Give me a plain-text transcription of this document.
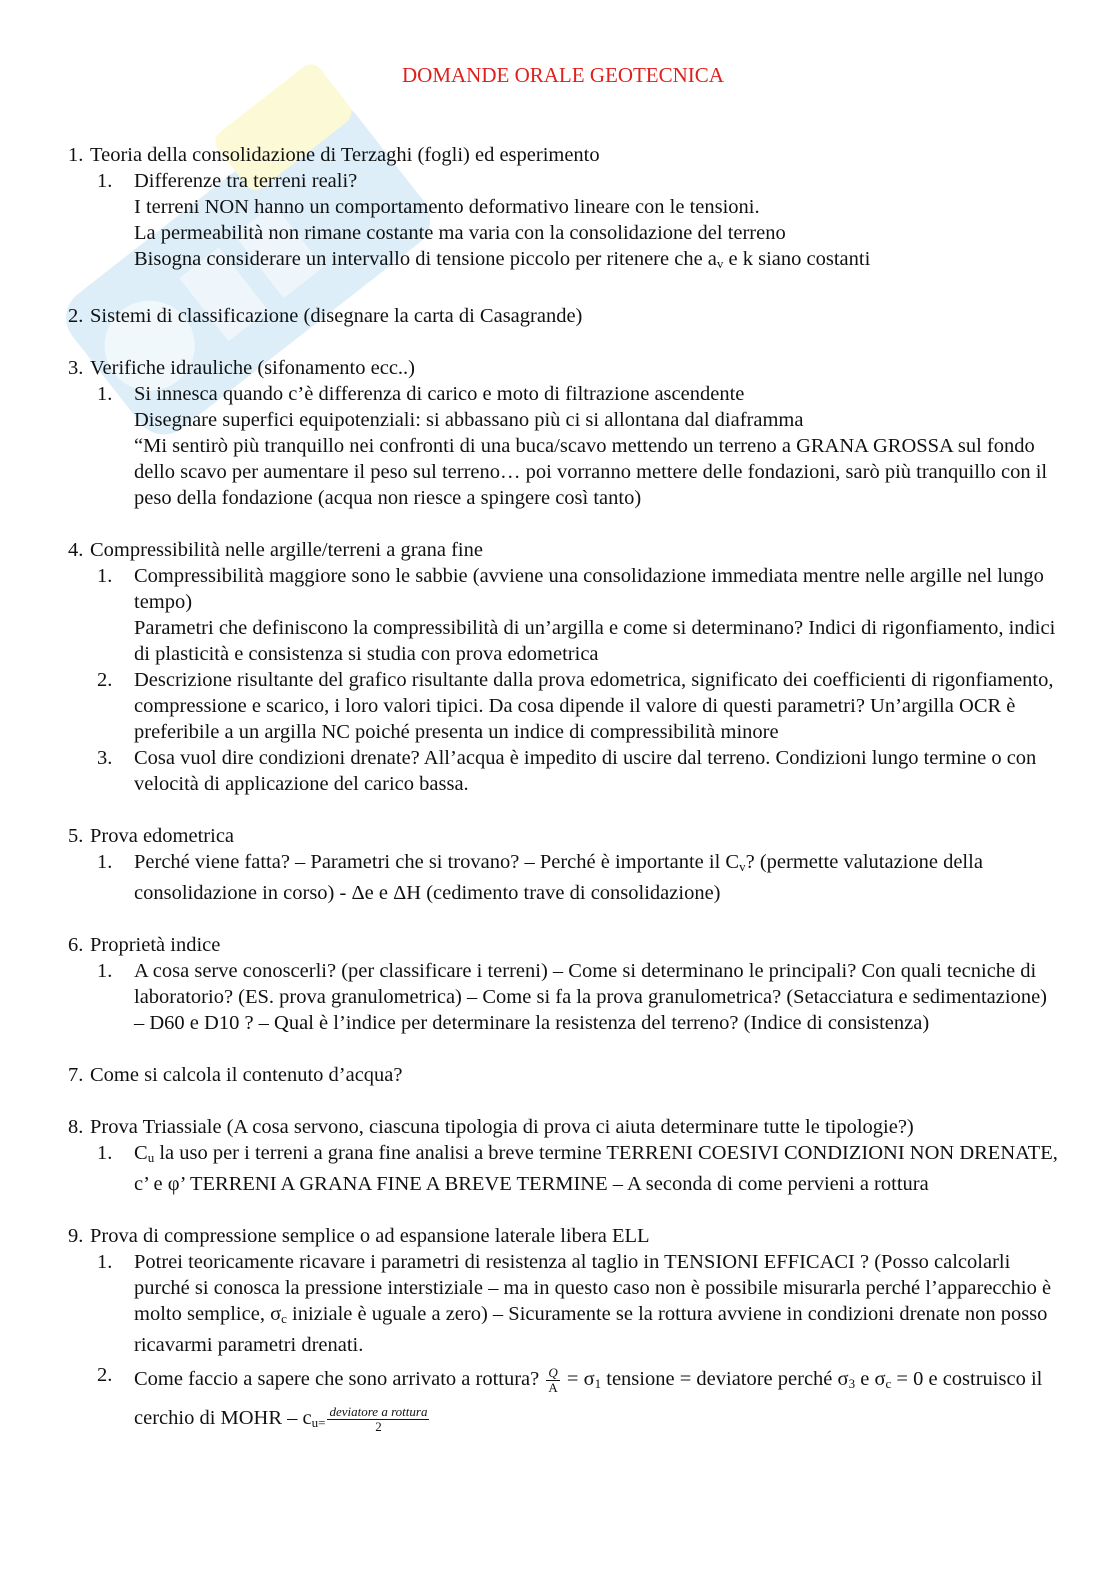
DOMANDE ORALE GEOTECNICA
1. Teoria della consolidazione di Terzaghi (fogli) ed esperimento
1.	Differenze tra terreni reali?
I terreni NON hanno un comportamento deformativo lineare con le tensioni.
La permeabilità non rimane costante ma varia con la consolidazione del terreno
Bisogna considerare un intervallo di tensione piccolo per ritenere che $a_v$ e k siano costanti
2. Sistemi di classificazione (disegnare la carta di Casagrande)
3. Verifiche idrauliche (sifonamento ecc..)
1.	Si innesca quando c’è differenza di carico e moto di filtrazione ascendente
Disegnare superfici equipotenziali: si abbassano più ci si allontana dal diaframma
“Mi sentirò più tranquillo nei confronti di una buca/scavo mettendo un terreno a GRANA GROSSA sul fondo dello scavo per aumentare il peso sul terreno… poi vorranno mettere delle fondazioni, sarò più tranquillo con il peso della fondazione (acqua non riesce a spingere così tanto)
4. Compressibilità nelle argille/terreni a grana fine
1.	Compressibilità maggiore sono le sabbie (avviene una consolidazione immediata mentre nelle argille nel lungo tempo)
Parametri che definiscono la compressibilità di un’argilla e come si determinano? Indici di rigonfiamento, indici di plasticità e consistenza si studia con prova edometrica
2.	Descrizione risultante del grafico risultante dalla prova edometrica, significato dei coefficienti di rigonfiamento, compressione e scarico, i loro valori tipici. Da cosa dipende il valore di questi parametri? Un’argilla OCR è preferibile a un argilla NC poiché presenta un indice di compressibilità minore
3.	Cosa vuol dire condizioni drenate? All’acqua è impedito di uscire dal terreno. Condizioni lungo termine o con velocità di applicazione del carico bassa.
5. Prova edometrica
1.	Perché viene fatta? – Parametri che si trovano? – Perché è importante il $C_v$? (permette valutazione della consolidazione in corso) - Δe e ΔH (cedimento trave di consolidazione)
6. Proprietà indice
1.	A cosa serve conoscerli? (per classificare i terreni) – Come si determinano le principali? Con quali tecniche di laboratorio? (ES. prova granulometrica) – Come si fa la prova granulometrica? (Setacciatura e sedimentazione) – D60 e D10 ? – Qual è l’indice per determinare la resistenza del terreno? (Indice di consistenza)
7. Come si calcola il contenuto d’acqua?
8. Prova Triassiale (A cosa servono, ciascuna tipologia di prova ci aiuta determinare tutte le tipologie?)
1.	$C_u$ la uso per i terreni a grana fine analisi a breve termine TERRENI COESIVI CONDIZIONI NON DRENATE, c’ e φ’ TERRENI A GRANA FINE A BREVE TERMINE – A seconda di come pervieni a rottura
9. Prova di compressione semplice o ad espansione laterale libera ELL
1.	Potrei teoricamente ricavare i parametri di resistenza al taglio in TENSIONI EFFICACI ? (Posso calcolarli purché si conosca la pressione interstiziale – ma in questo caso non è possibile misurarla perché l’apparecchio è molto semplice, $\sigma_c$ iniziale è uguale a zero) – Sicuramente se la rottura avviene in condizioni drenate non posso ricavarmi parametri drenati.
2.	Come faccio a sapere che sono arrivato a rottura? $\frac{Q}{A} = \sigma_1$ tensione = deviatore perché $\sigma_3$ e $\sigma_c = 0$ e costruisco il cerchio di MOHR – $c_{u=} \frac{\text{deviatore a rottura}}{2}$
